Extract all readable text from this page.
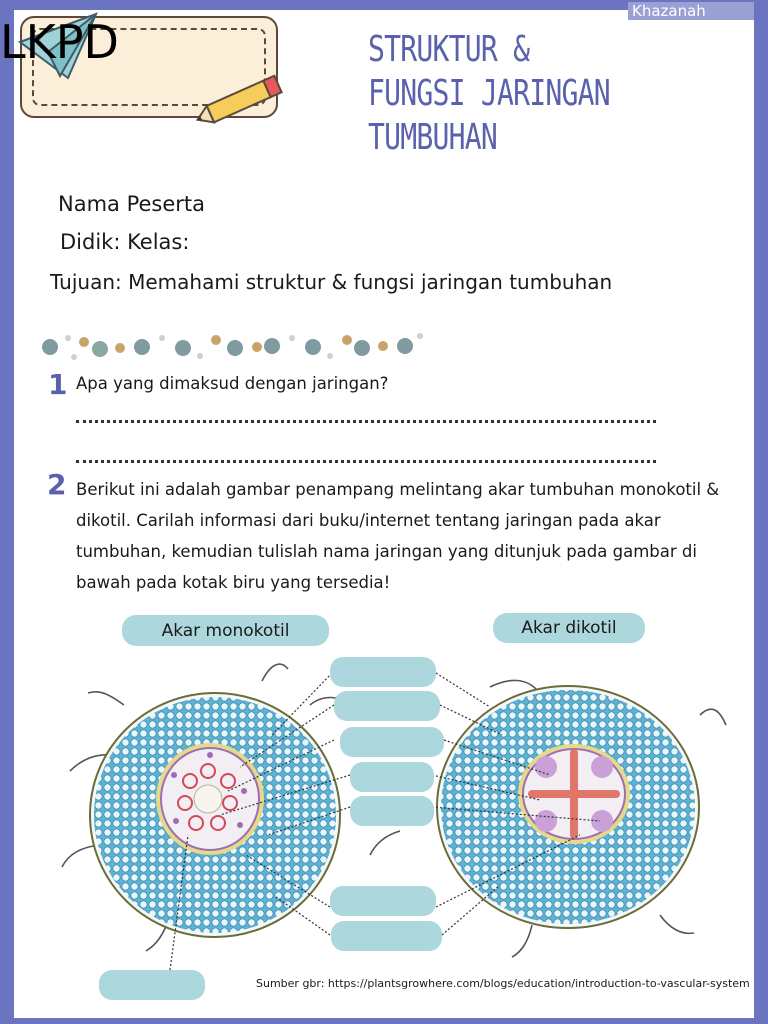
Khazanah
LKPD	STRUKTUR &
FUNGSI JARINGAN
TUMBUHAN
Nama Peserta
Didik: Kelas:
Tujuan: Memahami struktur & fungsi jaringan tumbuhan
1 Apa yang dimaksud dengan jaringan?
2 Berikut ini adalah gambar penampang melintang akar tumbuhan monokotil & dikotil. Carilah informasi dari buku/internet tentang jaringan pada akar tumbuhan, kemudian tulislah nama jaringan yang ditunjuk pada gambar di bawah pada kotak biru yang tersedia!
Akar monokotil	Akar dikotil
Sumber gbr: https://plantsgrowhere.com/blogs/education/introduction-to-vascular-system
